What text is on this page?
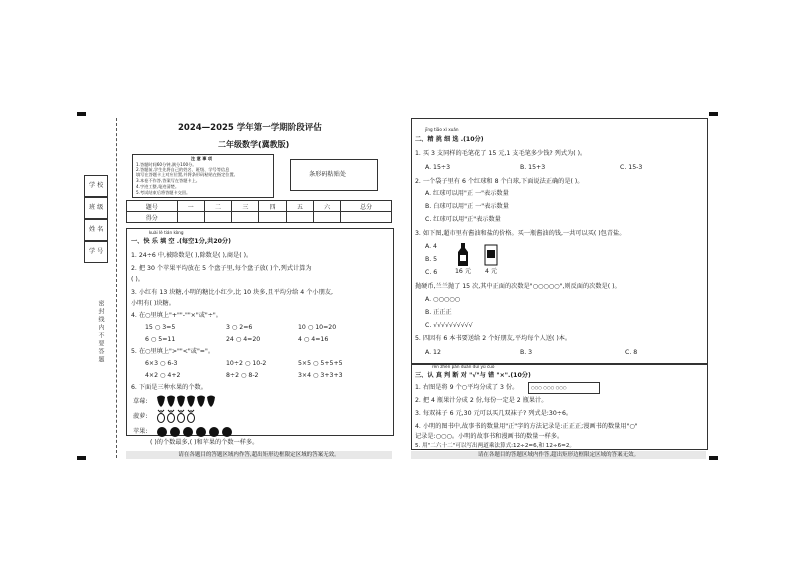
学 校
班 级
姓 名
学 号
密封线内不要答题
2024—2025 学年第一学期阶段评估
二年级数学(冀教版)
注 意 事 项
1.答题时间60分钟,满分100分。
2.答题前,学生先将自己的姓名、班级、学号等信息
填写在答题卡上对应位置,并将条形码粘贴在指定位置。
3.本卷不作答,答案写在答题卡上。
4.字迹工整,笔迹清楚。
5.考试结束后将答题卡交回。
条形码粘贴处
题号	一	二	三	四	五	六	总分
得分							
kuài lè tián kòng
一、快 乐 填 空 .(每空1分,共20分)
1. 24÷6 中,被除数是( ),除数是( ),商是( )。
2. 把 30 个苹果平均放在 5 个盘子里,每个盘子放( )个,列式计算为
( )。
3. 小红有 13 块糖,小明的糖比小红少,比 10 块多,且平均分给 4 个小朋友,
小明有( )块糖。
4. 在○里填上"+""-""×"或"÷"。
15 ○ 3=5	3 ○ 2=6	10 ○ 10=20
6 ○ 5=11	24 ○ 4=20	4 ○ 4=16
5. 在○里填上">""<"或"="。
6×3 ○ 6-3	10÷2 ○ 10-2	5×5 ○ 5+5+5
4×2 ○ 4+2	8÷2 ○ 8-2	3×4 ○ 3+3+3
6. 下面是三种水果的个数。
草莓:
菠萝:
苹果:
( )的个数最多,( )和苹果的个数一样多。
请在各题目的答题区域内作答,超出矩形边框限定区域的答案无效。
jīng tiāo xì xuǎn
二、精 挑 细 选 .(10分)
1. 买 3 支同样的毛笔花了 15 元,1 支毛笔多少钱? 列式为( )。
A. 15÷3	B. 15+3	C. 15-3
2. 一个袋子里有 6 个红球和 8 个白球,下面说法正确的是( )。
A. 红球可以用"正 一"表示数量
B. 白球可以用"正 一"表示数量
C. 红球可以用"正"表示数量
3. 如下图,超市里有酱油和盐的价格。买一瓶酱油的钱,一共可以买( )包青盐。
A. 4
B. 5
C. 6	16 元 4 元
抛硬币,兰兰抛了 15 次,其中正面的次数是"○○○○○",则反面的次数是( )。
A. ○○○○○
B. 正正正
C. √√√√√√√√√√
5. 四因有 6 本书要送给 2 个好朋友,平均每个人送( )本。
A. 12	B. 3	C. 8
rèn zhēn pàn duàn duì yǔ cuò
三、认 真 判 断 对 "√"与 错 "×".(10分)
1. 右图是将 9 个○平均分成了 3 份。	○○○ ○○○ ○○○
2. 把 4 瓶果汁分成 2 份,每份一定是 2 瓶果汁。
3. 每双袜子 6 元,30 元可以买几双袜子? 列式是:30÷6。
4. 小明的图书中,故事书的数量用"正"字的方法记录是:正正正;漫画书的数量用"○"
记录是:○○○。小明的故事书和漫画书的数量一样多。
5. 用"二六十二"可以写出两道乘法算式:12÷2=6,和 12÷6=2。
请在各题目的答题区域内作答,超出矩形边框限定区域的答案无效。
